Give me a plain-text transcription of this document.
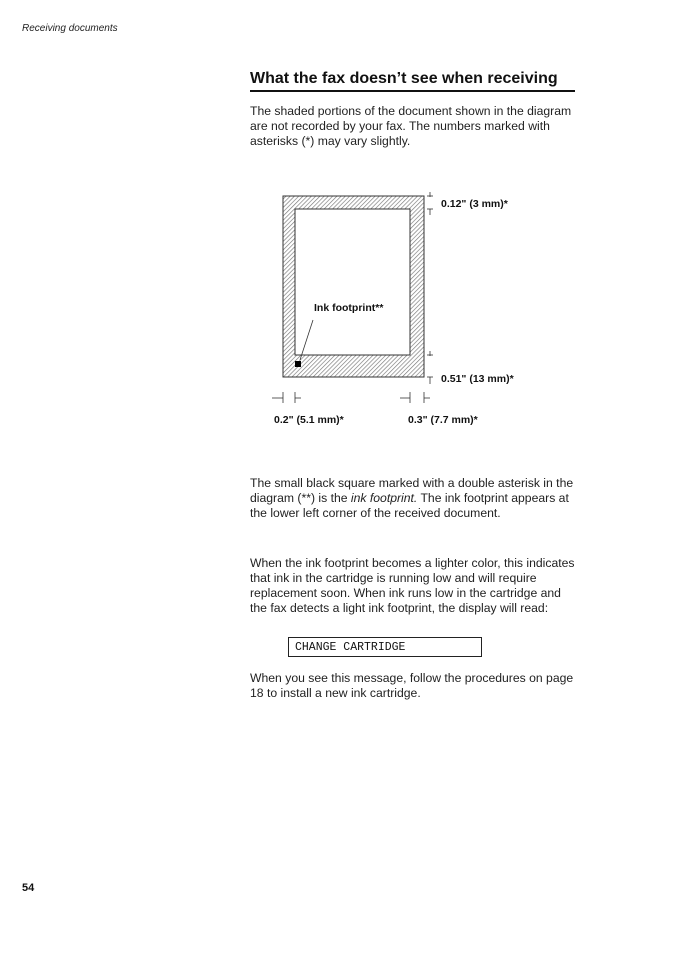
Receiving documents
What the fax doesn’t see when receiving

The shaded portions of the document shown in the diagram are not recorded by your fax. The numbers marked with asterisks (*) may vary slightly.

0.12" (3 mm)*
0.51" (13 mm)*
0.2" (5.1 mm)*	0.3" (7.7 mm)*
Ink footprint**

The small black square marked with a double asterisk in the diagram (**) is the ink footprint. The ink footprint appears at the lower left corner of the received document.

When the ink footprint becomes a lighter color, this indicates that ink in the cartridge is running low and will require replacement soon. When ink runs low in the cartridge and the fax detects a light ink footprint, the display will read:

CHANGE CARTRIDGE

When you see this message, follow the procedures on page 18 to install a new ink cartridge.

54
